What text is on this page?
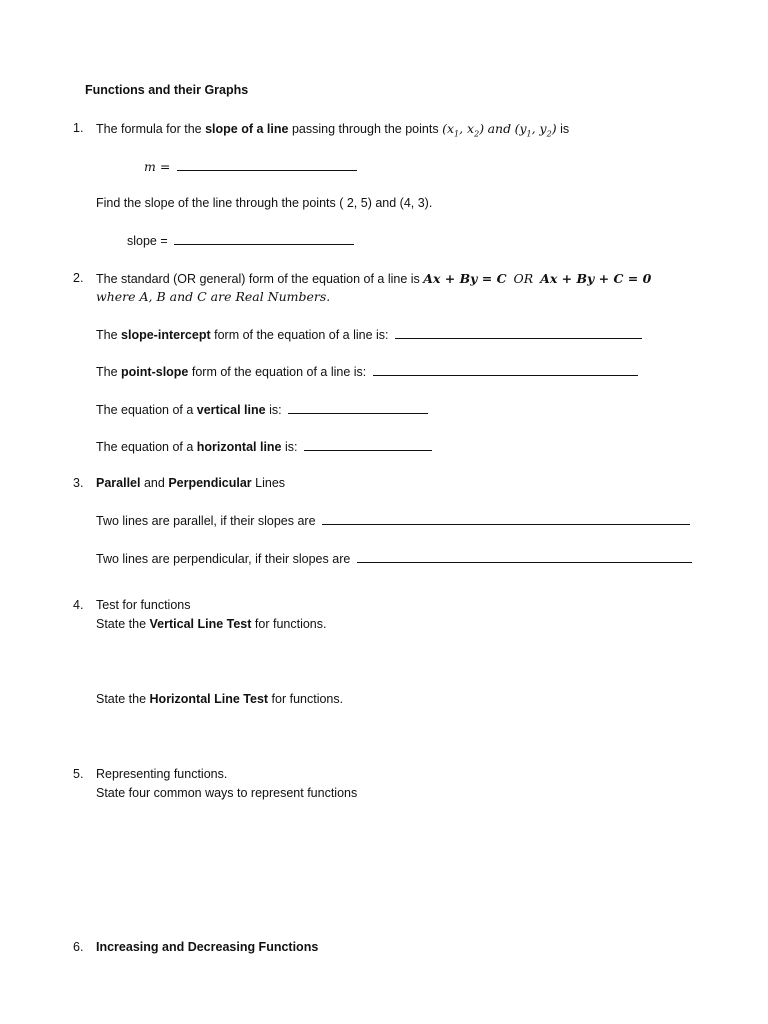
Functions and their Graphs
1. The formula for the slope of a line passing through the points ($x_1$, $x_2$) and ($y_1$, $y_2$) is
m =
Find the slope of the line through the points ( 2, 5) and (4, 3).
slope =
2. The standard (OR general) form of the equation of a line is Ax + By = C OR Ax + By + C = 0
where A, B and C are Real Numbers.
The slope-intercept form of the equation of a line is:
The point-slope form of the equation of a line is:
The equation of a vertical line is:
The equation of a horizontal line is:
3. Parallel and Perpendicular Lines
Two lines are parallel, if their slopes are
Two lines are perpendicular, if their slopes are
4. Test for functions
State the Vertical Line Test for functions.
State the Horizontal Line Test for functions.
5. Representing functions.
State four common ways to represent functions
6. Increasing and Decreasing Functions
